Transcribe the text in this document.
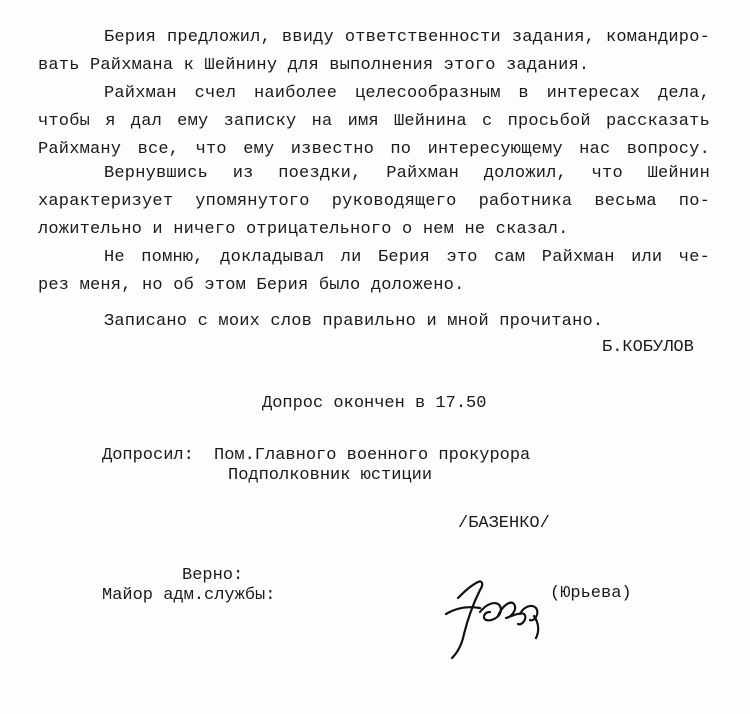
Берия предложил, ввиду ответственности задания, командиро-
вать Райхмана к Шейнину для выполнения этого задания.
Райхман счел наиболее целесообразным в интересах дела,
чтобы я дал ему записку на имя Шейнина с просьбой рассказать
Райхману все, что ему известно по интересующему нас вопросу.
Вернувшись из поездки, Райхман доложил, что Шейнин
характеризует упомянутого руководящего работника весьма по-
ложительно и ничего отрицательного о нем не сказал.
Не помню, докладывал ли Берия это сам Райхман или че-
рез меня, но об этом Берия было доложено.
Записано с моих слов правильно и мной прочитано.
Б.КОБУЛОВ
Допрос окончен в 17.50
Допросил: Пом.Главного военного прокурора
Подполковник юстиции
/БАЗЕНКО/
Верно:
Майор адм.службы:	(Юрьева)
